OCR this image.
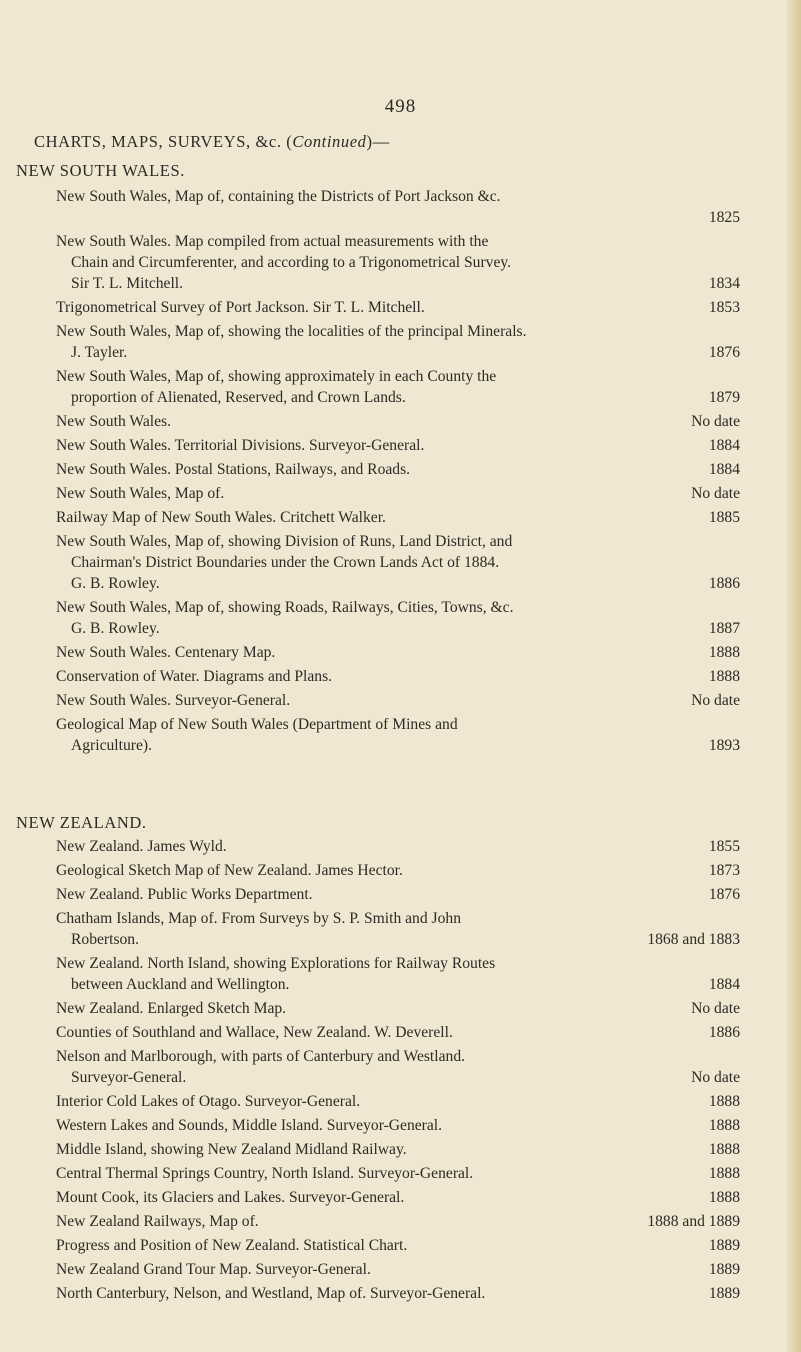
498
CHARTS, MAPS, SURVEYS, &c. (Continued)—
NEW SOUTH WALES.
New South Wales, Map of, containing the Districts of Port Jackson &c.
1825
New South Wales. Map compiled from actual measurements with the
Chain and Circumferenter, and according to a Trigonometrical Survey.
Sir T. L. Mitchell.	1834
Trigonometrical Survey of Port Jackson. Sir T. L. Mitchell.	1853
New South Wales, Map of, showing the localities of the principal Minerals.
J. Tayler.	1876
New South Wales, Map of, showing approximately in each County the
proportion of Alienated, Reserved, and Crown Lands.	1879
New South Wales.	No date
New South Wales. Territorial Divisions. Surveyor-General.	1884
New South Wales. Postal Stations, Railways, and Roads.	1884
New South Wales, Map of.	No date
Railway Map of New South Wales. Critchett Walker.	1885
New South Wales, Map of, showing Division of Runs, Land District, and
Chairman's District Boundaries under the Crown Lands Act of 1884.
G. B. Rowley.	1886
New South Wales, Map of, showing Roads, Railways, Cities, Towns, &c.
G. B. Rowley.	1887
New South Wales. Centenary Map.	1888
Conservation of Water. Diagrams and Plans.	1888
New South Wales. Surveyor-General.	No date
Geological Map of New South Wales (Department of Mines and
Agriculture).	1893
NEW ZEALAND.
New Zealand. James Wyld.	1855
Geological Sketch Map of New Zealand. James Hector.	1873
New Zealand. Public Works Department.	1876
Chatham Islands, Map of. From Surveys by S. P. Smith and John
Robertson.	1868 and 1883
New Zealand. North Island, showing Explorations for Railway Routes
between Auckland and Wellington.	1884
New Zealand. Enlarged Sketch Map.	No date
Counties of Southland and Wallace, New Zealand. W. Deverell.	1886
Nelson and Marlborough, with parts of Canterbury and Westland.
Surveyor-General.	No date
Interior Cold Lakes of Otago. Surveyor-General.	1888
Western Lakes and Sounds, Middle Island. Surveyor-General.	1888
Middle Island, showing New Zealand Midland Railway.	1888
Central Thermal Springs Country, North Island. Surveyor-General.	1888
Mount Cook, its Glaciers and Lakes. Surveyor-General.	1888
New Zealand Railways, Map of.	1888 and 1889
Progress and Position of New Zealand. Statistical Chart.	1889
New Zealand Grand Tour Map. Surveyor-General.	1889
North Canterbury, Nelson, and Westland, Map of. Surveyor-General.	1889
